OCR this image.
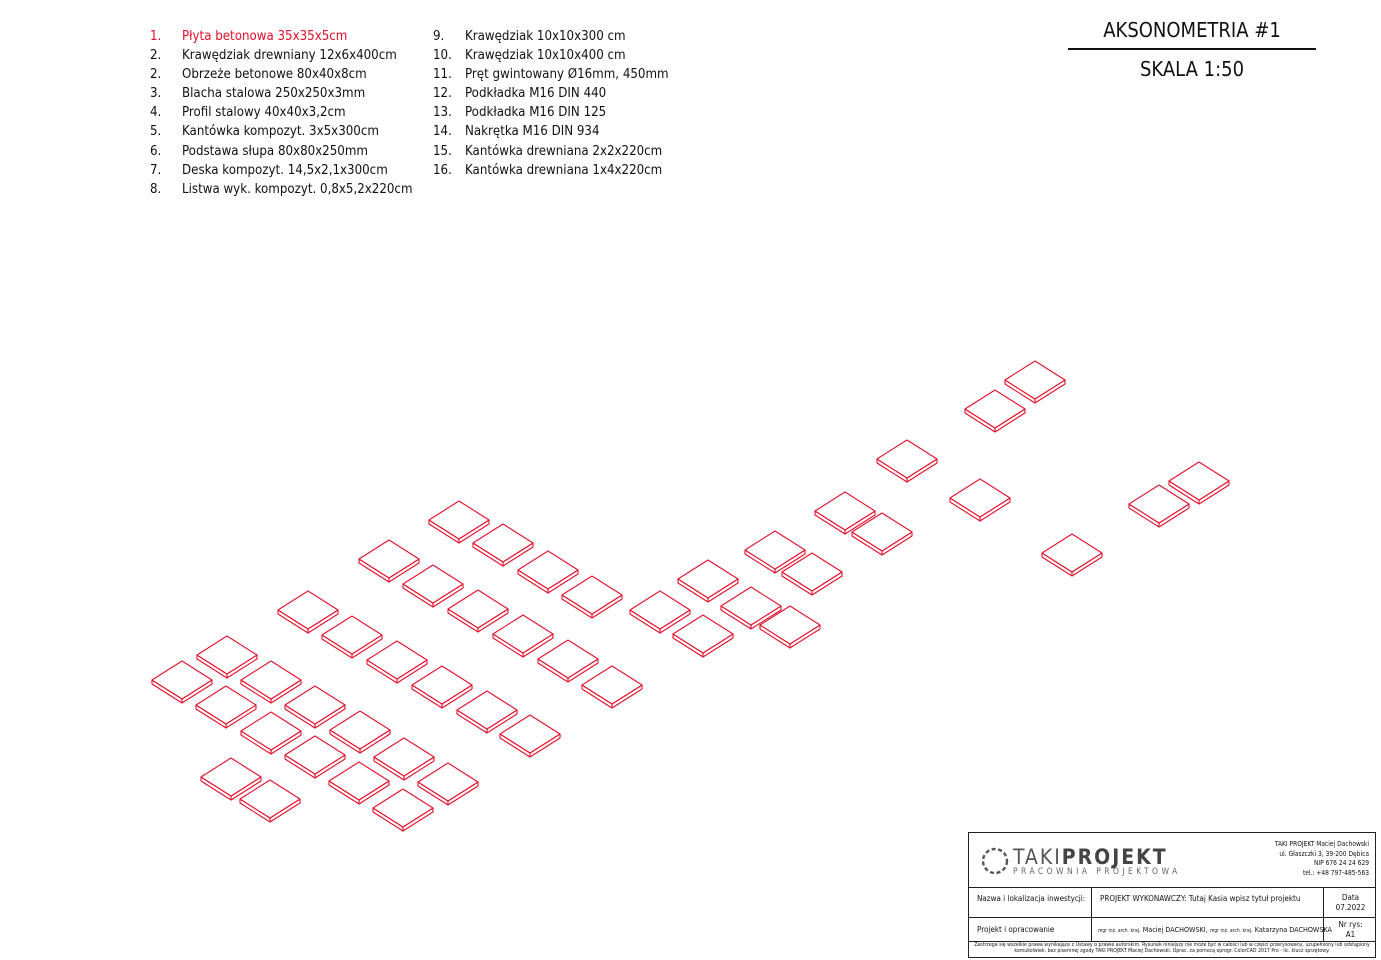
1. Płyta betonowa 35x35x5cm
2. Krawędziak drewniany 12x6x400cm
2. Obrzeże betonowe 80x40x8cm
3. Blacha stalowa 250x250x3mm
4. Profil stalowy 40x40x3,2cm
5. Kantówka kompozyt. 3x5x300cm
6. Podstawa słupa 80x80x250mm
7. Deska kompozyt. 14,5x2,1x300cm
8. Listwa wyk. kompozyt. 0,8x5,2x220cm
9. Krawędziak 10x10x300 cm
10. Krawędziak 10x10x400 cm
11. Pręt gwintowany Ø16mm, 450mm
12. Podkładka M16 DIN 440
13. Podkładka M16 DIN 125
14. Nakrętka M16 DIN 934
15. Kantówka drewniana 2x2x220cm
16. Kantówka drewniana 1x4x220cm
AKSONOMETRIA #1
SKALA 1:50
TAKIPROJEKT
PRACOWNIA PROJEKTOWA
TAKI PROJEKT Maciej Dachowski
ul. Głaszczki 3, 39-200 Dębica
NIP 676 24 24 629
tel.: +48 797-485-563
Nazwa i lokalizacja inwestycji:	PROJEKT WYKONAWCZY: Tutaj Kasia wpisz tytuł projektu	Data
07.2022
Projekt i opracowanie	mgr inż. arch. kraj. Maciej DACHOWSKI, mgr inż. arch. kraj. Katarzyna DACHOWSKA
Nr rys:
A1
Zastrzega się wszelkie prawa wynikające z Ustawy o prawie autorskim. Rysunek niniejszy nie może być w całości lub w części przerysowany, uzupełniony lub odstąpiony komukolwiek, bez pisemnej zgody TAKI PROJEKT Maciej Dachowski. Oprac. za pomocą oprogr. ColorCAD 2017 Pro - lic. klucz sprzętowy.
